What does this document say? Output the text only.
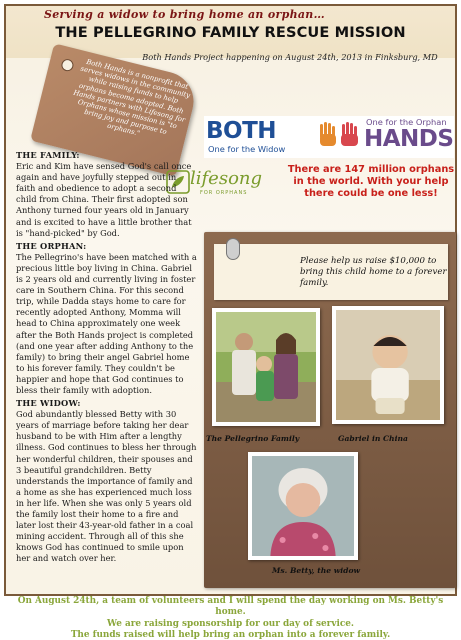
Serving a widow to bring home an orphan…
THE PELLEGRINO FAMILY RESCUE MISSION
Both Hands Project happening on August 24th, 2013 in Finksburg, MD
Both Hands is a nonprofit that serves widows in the community while raising funds to help orphans become adopted. Both Hands partners with Lifesong for Orphans whose mission is "to bring joy and purpose to orphans."	BOTH
One for the Widow
One for the Orphan
HANDS
lifesong
FOR ORPHANS
There are 147 million orphans in the world. With your help there could be one less!
THE FAMILY:
Eric and Kim have sensed God's call once again and have joyfully stepped out in faith and obedience to adopt a second child from China. Their first adopted son Anthony turned four years old in January and is excited to have a little brother that is "hand-picked" by God.
THE ORPHAN:
The Pellegrino's have been matched with a precious little boy living in China. Gabriel is 2 years old and currently living in foster care in Southern China. For this second trip, while Dadda stays home to care for recently adopted Anthony, Momma will head to China approximately one week after the Both Hands project is completed (and one year after adding Anthony to the family) to bring their angel Gabriel home to his forever family. They couldn't be happier and hope that God continues to bless their family with adoption.
THE WIDOW:
God abundantly blessed Betty with 30 years of marriage before taking her dear husband to be with Him after a lengthy illness. God continues to bless her through her wonderful children, their spouses and 3 beautiful grandchildren. Betty understands the importance of family and a home as she has experienced much loss in her life. When she was only 5 years old the family lost their home to a fire and later lost their 43-year-old father in a coal mining accident. Through all of this she knows God has continued to smile upon her and watch over her.
Please help us raise $10,000 to bring this child home to a forever family.
The Pellegrino Family	Gabriel in China
Ms. Betty, the widow
On August 24th, a team of volunteers and I will spend the day working on Ms. Betty's home.
We are raising sponsorship for our day of service.
The funds raised will help bring an orphan into a forever family.
